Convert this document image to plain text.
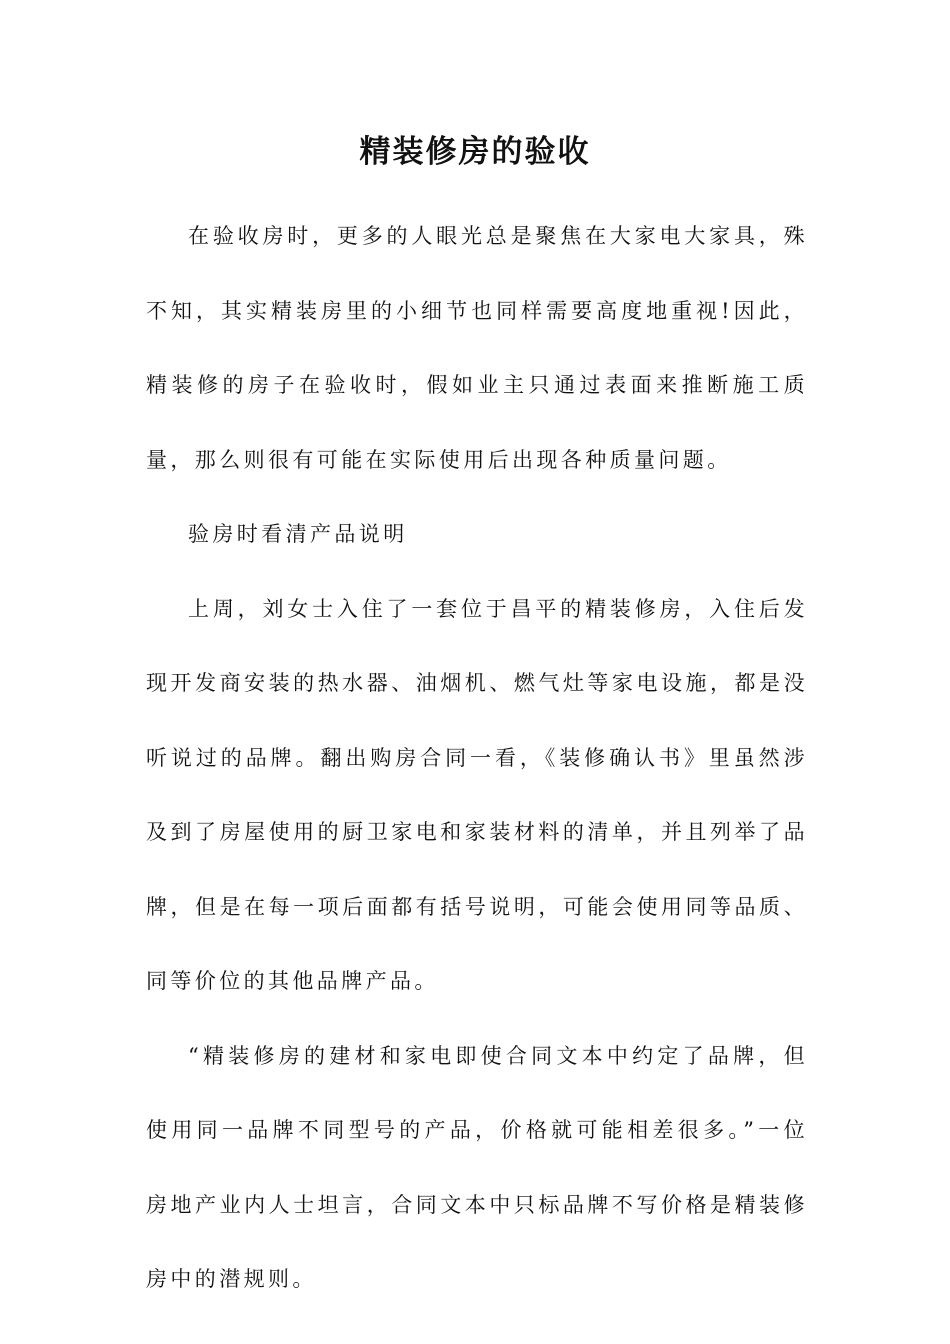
精装修房的验收

在验收房时，更多的人眼光总是聚焦在大家电大家具，殊不知，其实精装房里的小细节也同样需要高度地重视!因此，精装修的房子在验收时，假如业主只通过表面来推断施工质量，那么则很有可能在实际使用后出现各种质量问题。

验房时看清产品说明

上周，刘女士入住了一套位于昌平的精装修房，入住后发现开发商安装的热水器、油烟机、燃气灶等家电设施，都是没听说过的品牌。翻出购房合同一看，《装修确认书》里虽然涉及到了房屋使用的厨卫家电和家装材料的清单，并且列举了品牌，但是在每一项后面都有括号说明，可能会使用同等品质、同等价位的其他品牌产品。

“精装修房的建材和家电即使合同文本中约定了品牌，但使用同一品牌不同型号的产品，价格就可能相差很多。”一位房地产业内人士坦言，合同文本中只标品牌不写价格是精装修房中的潜规则。
